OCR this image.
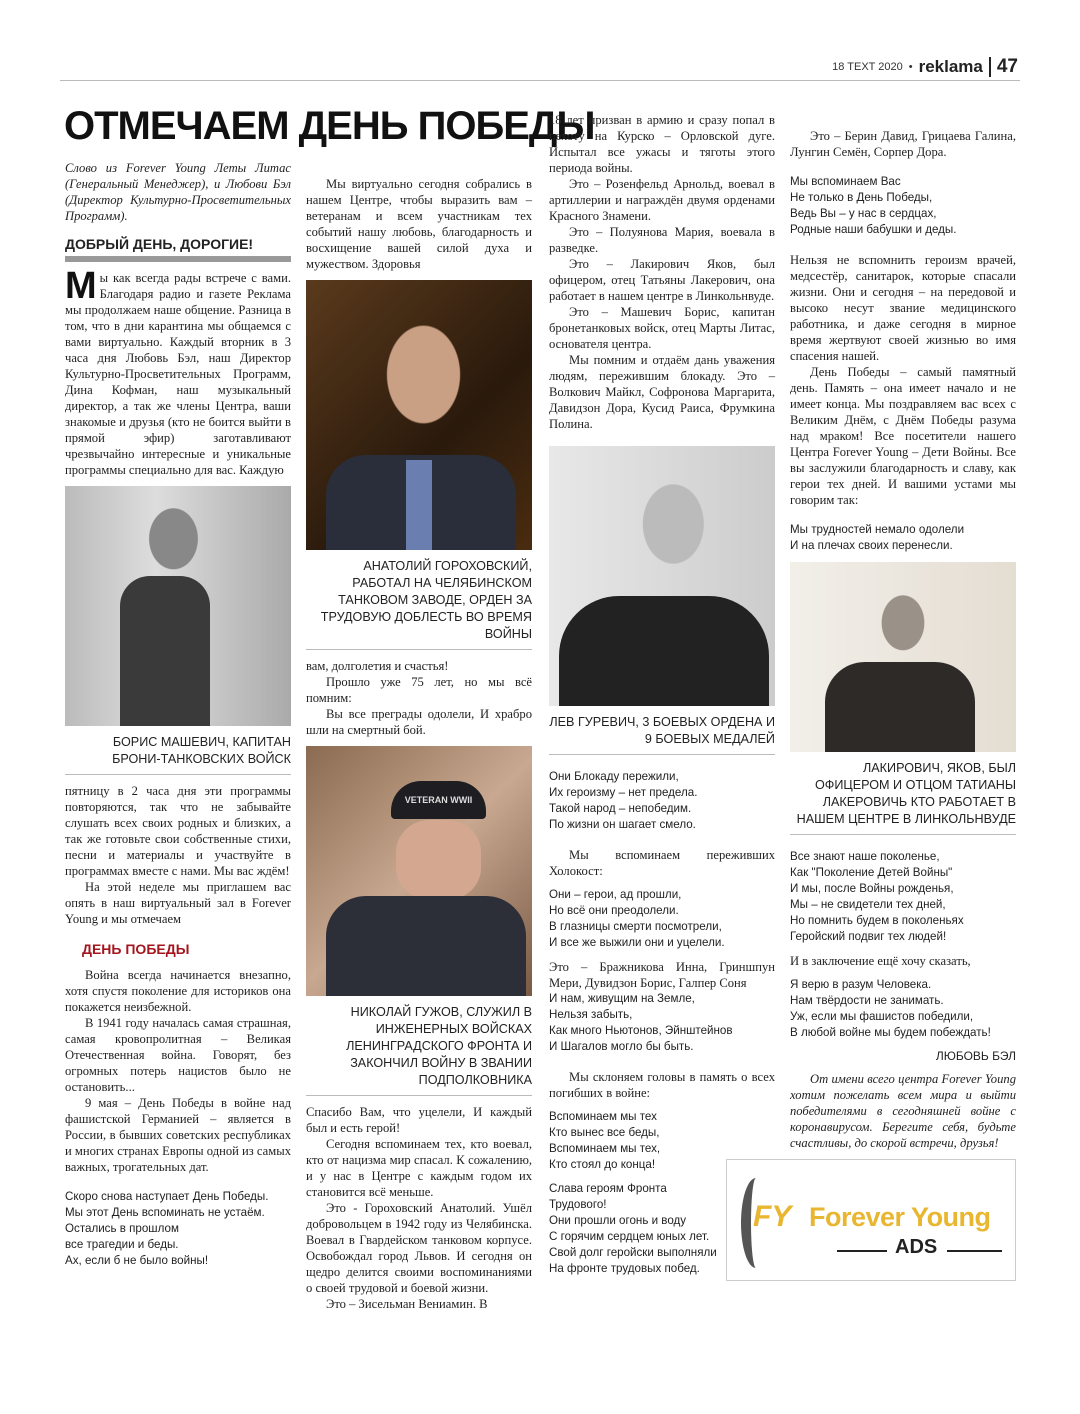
18 TEXT 2020 • reklama 47
ОТМЕЧАЕМ ДЕНЬ ПОБЕДЫ
Слово из Forever Young Леты Литас (Генеральный Менеджер), и Любови Бэл (Директор Культурно-Просветительных Программ).
ДОБРЫЙ ДЕНЬ, ДОРОГИЕ!
Мы как всегда рады встрече с вами. Благодаря радио и газете Реклама мы продолжаем наше общение. Разница в том, что в дни карантина мы общаемся с вами виртуально. Каждый вторник в 3 часа дня Любовь Бэл, наш Директор Культурно-Просветительных Программ, Дина Кофман, наш музыкальный директор, а так же члены Центра, ваши знакомые и друзья (кто не боится выйти в прямой эфир) заготавливают чрезвычайно интересные и уникальные программы специально для вас. Каждую
БОРИС МАШЕВИЧ, КАПИТАН БРОНИ-ТАНКОВСКИХ ВОЙСК

пятницу в 2 часа дня эти программы повторяются, так что не забывайте слушать всех своих родных и близких, а так же готовьте свои собственные стихи, песни и материалы и участвуйте в программах вместе с нами. Мы вас ждём!

На этой неделе мы приглашем вас опять в наш виртуальный зал в Forever Young и мы отмечаем

ДЕНЬ ПОБЕДЫ

Война всегда начинается внезапно, хотя спустя поколение для историков она покажется неизбежной.

В 1941 году началась самая страшная, самая кровопролитная – Великая Отечественная война. Говорят, без огромных потерь нацистов было не остановить...

9 мая – День Победы в войне над фашистской Германией – является в России, в бывших советских республиках и многих странах Европы одной из самых важных, трогательных дат.

Скоро снова наступает День Победы.
Мы этот День вспоминать не устаём.
Остались в прошлом
все трагедии и беды.
Ах, если б не было войны!

Мы виртуально сегодня собрались в нашем Центре, чтобы выразить вам – ветеранам и всем участникам тех событий нашу любовь, благодарность и восхищение вашей силой духа и мужеством. Здоровья

АНАТОЛИЙ ГОРОХОВСКИЙ, РАБОТАЛ НА ЧЕЛЯБИНСКОМ ТАНКОВОМ ЗАВОДЕ, ОРДЕН ЗА ТРУДОВУЮ ДОБЛЕСТЬ ВО ВРЕМЯ ВОЙНЫ

вам, долголетия и счастья!

Прошло уже 75 лет, но мы всё помним:

Вы все преграды одолели, И храбро шли на смертный бой.

VETERAN WWII
НИКОЛАЙ ГУЖОВ, СЛУЖИЛ В ИНЖЕНЕРНЫХ ВОЙСКАХ ЛЕНИНГРАДСКОГО ФРОНТА И ЗАКОНЧИЛ ВОЙНУ В ЗВАНИИ ПОДПОЛКОВНИКА

Спасибо Вам, что уцелели, И каждый был и есть герой!

Сегодня вспоминаем тех, кто воевал, кто от нацизма мир спасал. К сожалению, и у нас в Центре с каждым годом их становится всё меньше.

Это - Гороховский Анатолий. Ушёл добровольцем в 1942 году из Челябинска. Воевал в Гвардейском танковом корпусе. Освобождал город Львов. И сегодня он щедро делится своими воспоминаниями о своей трудовой и боевой жизни.

Это – Зисельман Вениамин. В

18 лет призван в армию и сразу попал в пехоту на Курско – Орловской дуге. Испытал все ужасы и тяготы этого периода войны.

Это – Розенфельд Арнольд, воевал в артиллерии и награждён двумя орденами Красного Знамени.

Это – Полуянова Мария, воевала в разведке.

Это – Лакирович Яков, был офицером, отец Татьяны Лакерович, она работает в нашем центре в Линкольнвуде.

Это – Машевич Борис, капитан бронетанковых войск, отец Марты Литас, основателя центра.

Мы помним и отдаём дань уважения людям, пережившим блокаду. Это – Волкович Майкл, Софронова Маргарита, Давидзон Дора, Кусид Раиса, Фрумкина Полина.

ЛЕВ ГУРЕВИЧ, 3 БОЕВЫХ ОРДЕНА И 9 БОЕВЫХ МЕДАЛЕЙ
Они Блокаду пережили,
Их героизму – нет предела.
Такой народ – непобедим.
По жизни он шагает смело.

Мы вспоминаем переживших Холокост:

Они – герои, ад прошли,
Но всё они преодолели.
В глазницы смерти посмотрели,
И все же выжили они и уцелели.

Это – Бражникова Инна, Гриншпун Мери, Дувидзон Борис, Галпер Соня

И нам, живущим на Земле,
Нельзя забыть,
Как много Ньютонов, Эйнштейнов
И Шагалов могло бы быть.

Мы склоняем головы в память о всех погибших в войне:

Вспоминаем мы тех
Кто вынес все беды,
Вспоминаем мы тех,
Кто стоял до конца!
Слава героям Фронта Трудового!
Они прошли огонь и воду
С горячим сердцем юных лет.
Свой долг геройски выполняли
На фронте трудовых побед.

Это – Берин Давид, Грицаева Галина, Лунгин Семён, Сорпер Дора.

Мы вспоминаем Вас
Не только в День Победы,
Ведь Вы – у нас в сердцах,
Родные наши бабушки и деды.

Нельзя не вспомнить героизм врачей, медсестёр, санитарок, которые спасали жизни. Они и сегодня – на передовой и высоко несут звание медицинского работника, и даже сегодня в мирное время жертвуют своей жизнью во имя спасения нашей.

День Победы – самый памятный день. Память – она имеет начало и не имеет конца. Мы поздравляем вас всех с Великим Днём, с Днём Победы разума над мраком! Все посетители нашего Центра Forever Young – Дети Войны. Все вы заслужили благодарность и славу, как герои тех дней. И вашими устами мы говорим так:

Мы трудностей немало одолели
И на плечах своих перенесли.
ЛАКИРОВИЧ, ЯКОВ, БЫЛ ОФИЦЕРОМ И ОТЦОМ ТАТИАНЫ ЛАКЕРОВИЧЬ КТО РАБОТАЕТ В НАШЕМ ЦЕНТРЕ В ЛИНКОЛЬНВУДЕ
Все знают наше поколенье,
Как "Поколение Детей Войны"
И мы, после Войны рожденья,
Мы – не свидетели тех дней,
Но помнить будем в поколеньях
Геройский подвиг тех людей!

И в заключение ещё хочу сказать,

Я верю в разум Человека.
Нам твёрдости не занимать.
Уж, если мы фашистов победили,
В любой войне мы будем побеждать!
ЛЮБОВЬ БЭЛ

От имени всего центра Forever Young хотим пожелать всем мира и выйти победителями в сегодняшней войне с коронавирусом. Берегите себя, будьте счастливы, до скорой встречи, друзья!

FY Forever Young
ADS
